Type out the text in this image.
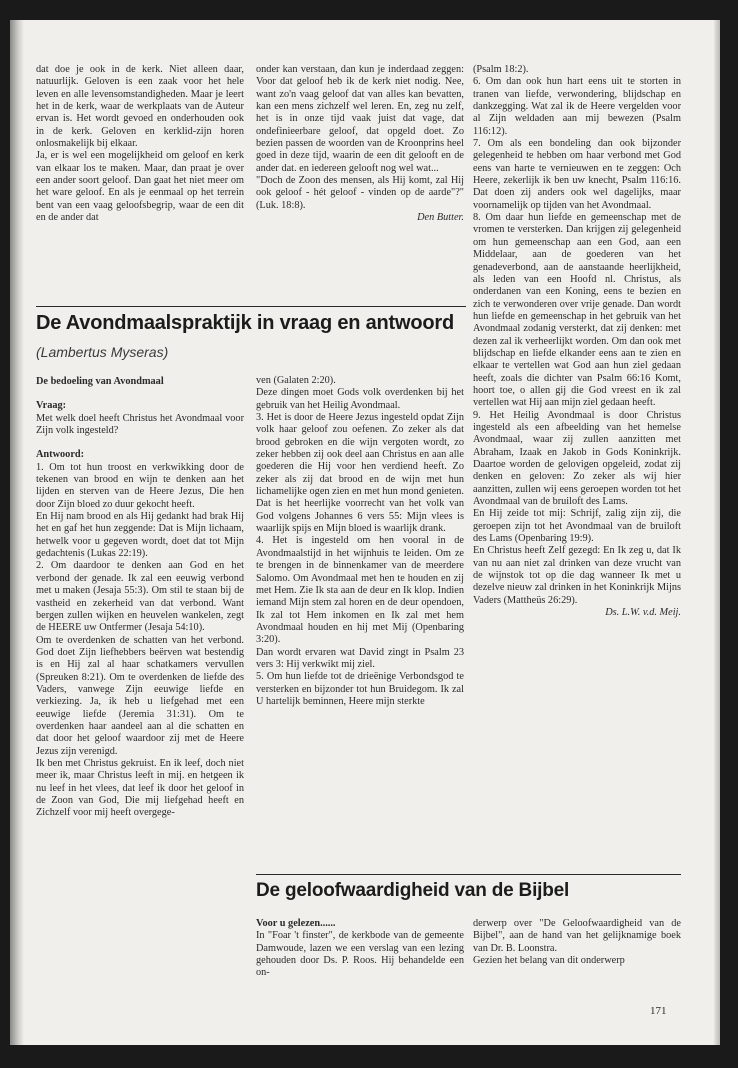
dat doe je ook in de kerk. Niet alleen daar, natuurlijk. Geloven is een zaak voor het hele leven en alle levensomstandigheden. Maar je leert het in de kerk, waar de werkplaats van de Auteur ervan is. Het wordt gevoed en onderhouden ook in de kerk. Geloven en kerklid-zijn horen onlosmakelijk bij elkaar.

Ja, er is wel een mogelijkheid om geloof en kerk van elkaar los te maken. Maar, dan praat je over een ander soort geloof. Dan gaat het niet meer om het ware geloof. En als je eenmaal op het terrein bent van een vaag geloofsbegrip, waar de een dit en de ander dat

onder kan verstaan, dan kun je inderdaad zeggen: Voor dat geloof heb ik de kerk niet nodig. Nee, want zo'n vaag geloof dat van alles kan bevatten, kan een mens zichzelf wel leren. En, zeg nu zelf, het is in onze tijd vaak juist dat vage, dat ondefinieerbare geloof, dat opgeld doet. Zo bezien passen de woorden van de Kroonprins heel goed in deze tijd, waarin de een dit gelooft en de ander dat. en iedereen gelooft nog wel wat...

"Doch de Zoon des mensen, als Hij komt, zal Hij ook geloof - hét geloof - vinden op de aarde"?" (Luk. 18:8).

Den Butter.

De Avondmaalspraktijk in vraag en antwoord
(Lambertus Myseras)

De bedoeling van Avondmaal

Vraag:

Met welk doel heeft Christus het Avondmaal voor Zijn volk ingesteld?

Antwoord:

1. Om tot hun troost en verkwikking door de tekenen van brood en wijn te denken aan het lijden en sterven van de Heere Jezus, Die hen door Zijn bloed zo duur gekocht heeft.

En Hij nam brood en als Hij gedankt had brak Hij het en gaf het hun zeggende: Dat is Mijn lichaam, hetwelk voor u gegeven wordt, doet dat tot Mijn gedachtenis (Lukas 22:19).

2. Om daardoor te denken aan God en het verbond der genade. Ik zal een eeuwig verbond met u maken (Jesaja 55:3). Om stil te staan bij de vastheid en zekerheid van dat verbond. Want bergen zullen wijken en heuvelen wankelen, zegt de HEERE uw Ontfermer (Jesaja 54:10).

Om te overdenken de schatten van het verbond. God doet Zijn liefhebbers beërven wat bestendig is en Hij zal al haar schatkamers vervullen (Spreuken 8:21). Om te overdenken de liefde des Vaders, vanwege Zijn eeuwige liefde en verkiezing. Ja, ik heb u liefgehad met een eeuwige liefde (Jeremia 31:31). Om te overdenken haar aandeel aan al die schatten en dat door het geloof waardoor zij met de Heere Jezus zijn verenigd.

Ik ben met Christus gekruist. En ik leef, doch niet meer ik, maar Christus leeft in mij. en hetgeen ik nu leef in het vlees, dat leef ik door het geloof in de Zoon van God, Die mij liefgehad heeft en Zichzelf voor mij heeft overgege-

ven (Galaten 2:20).

Deze dingen moet Gods volk overdenken bij het gebruik van het Heilig Avondmaal.

3. Het is door de Heere Jezus ingesteld opdat Zijn volk haar geloof zou oefenen. Zo zeker als dat brood gebroken en die wijn vergoten wordt, zo zeker hebben zij ook deel aan Christus en aan alle goederen die Hij voor hen verdiend heeft. Zo zeker als zij dat brood en de wijn met hun lichamelijke ogen zien en met hun mond genieten. Dat is het heerlijke voorrecht van het volk van God volgens Johannes 6 vers 55: Mijn vlees is waarlijk spijs en Mijn bloed is waarlijk drank.

4. Het is ingesteld om hen vooral in de Avondmaalstijd in het wijnhuis te leiden. Om ze te brengen in de binnenkamer van de meerdere Salomo. Om Avondmaal met hen te houden en zij met Hem. Zie Ik sta aan de deur en Ik klop. Indien iemand Mijn stem zal horen en de deur opendoen, Ik zal tot Hem inkomen en Ik zal met hem Avondmaal houden en hij met Mij (Openbaring 3:20).

Dan wordt ervaren wat David zingt in Psalm 23 vers 3: Hij verkwikt mij ziel.

5. Om hun liefde tot de drieënige Verbondsgod te versterken en bijzonder tot hun Bruidegom. Ik zal U hartelijk beminnen, Heere mijn sterkte

(Psalm 18:2).

6. Om dan ook hun hart eens uit te storten in tranen van liefde, verwondering, blijdschap en dankzegging. Wat zal ik de Heere vergelden voor al Zijn weldaden aan mij bewezen (Psalm 116:12).

7. Om als een bondeling dan ook bijzonder gelegenheid te hebben om haar verbond met God eens van harte te vernieuwen en te zeggen: Och Heere, zekerlijk ik ben uw knecht, Psalm 116:16. Dat doen zij anders ook wel dagelijks, maar voornamelijk op tijden van het Avondmaal.

8. Om daar hun liefde en gemeenschap met de vromen te versterken. Dan krijgen zij gelegenheid om hun gemeenschap aan een God, aan een Middelaar, aan de goederen van het genadeverbond, aan de aanstaande heerlijkheid, als leden van een Hoofd nl. Christus, als onderdanen van een Koning, eens te bezien en zich te verwonderen over vrije genade. Dan wordt hun liefde en gemeenschap in het gebruik van het Avondmaal zodanig versterkt, dat zij denken: met dezen zal ik verheerlijkt worden. Om dan ook met blijdschap en liefde elkander eens aan te zien en elkaar te vertellen wat God aan hun ziel gedaan heeft, zoals die dichter van Psalm 66:16 Komt, hoort toe, o allen gij die God vreest en ik zal vertellen wat Hij aan mijn ziel gedaan heeft.

9. Het Heilig Avondmaal is door Christus ingesteld als een afbeelding van het hemelse Avondmaal, waar zij zullen aanzitten met Abraham, Izaak en Jakob in Gods Koninkrijk. Daartoe worden de gelovigen opgeleid, zodat zij denken en geloven: Zo zeker als wij hier aanzitten, zullen wij eens geroepen worden tot het Avondmaal van de bruiloft des Lams.

En Hij zeide tot mij: Schrijf, zalig zijn zij, die geroepen zijn tot het Avondmaal van de bruiloft des Lams (Openbaring 19:9).

En Christus heeft Zelf gezegd: En Ik zeg u, dat Ik van nu aan niet zal drinken van deze vrucht van de wijnstok tot op die dag wanneer Ik met u dezelve nieuw zal drinken in het Koninkrijk Mijns Vaders (Mattheüs 26:29).

Ds. L.W. v.d. Meij.

De geloofwaardigheid van de Bijbel

Voor u gelezen......

In "Foar 't finster", de kerkbode van de gemeente Damwoude, lazen we een verslag van een lezing gehouden door Ds. P. Roos. Hij behandelde een on-

derwerp over "De Geloofwaardigheid van de Bijbel", aan de hand van het gelijknamige boek van Dr. B. Loonstra.

Gezien het belang van dit onderwerp

171
